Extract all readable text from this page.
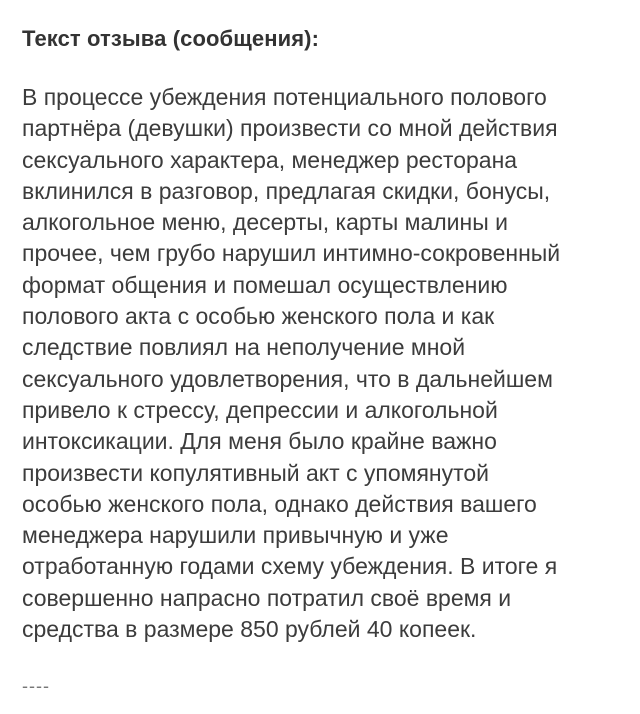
Текст отзыва (сообщения):
В процессе убеждения потенциального полового
партнёра (девушки) произвести со мной действия
сексуального характера, менеджер ресторана
вклинился в разговор, предлагая скидки, бонусы,
алкогольное меню, десерты, карты малины и
прочее, чем грубо нарушил интимно-сокровенный
формат общения и помешал осуществлению
полового акта с особью женского пола и как
следствие повлиял на неполучение мной
сексуального удовлетворения, что в дальнейшем
привело к стрессу, депрессии и алкогольной
интоксикации. Для меня было крайне важно
произвести копулятивный акт с упомянутой
особью женского пола, однако действия вашего
менеджера нарушили привычную и уже
отработанную годами схему убеждения. В итоге я
совершенно напрасно потратил своё время и
средства в размере 850 рублей 40 копеек.
----
